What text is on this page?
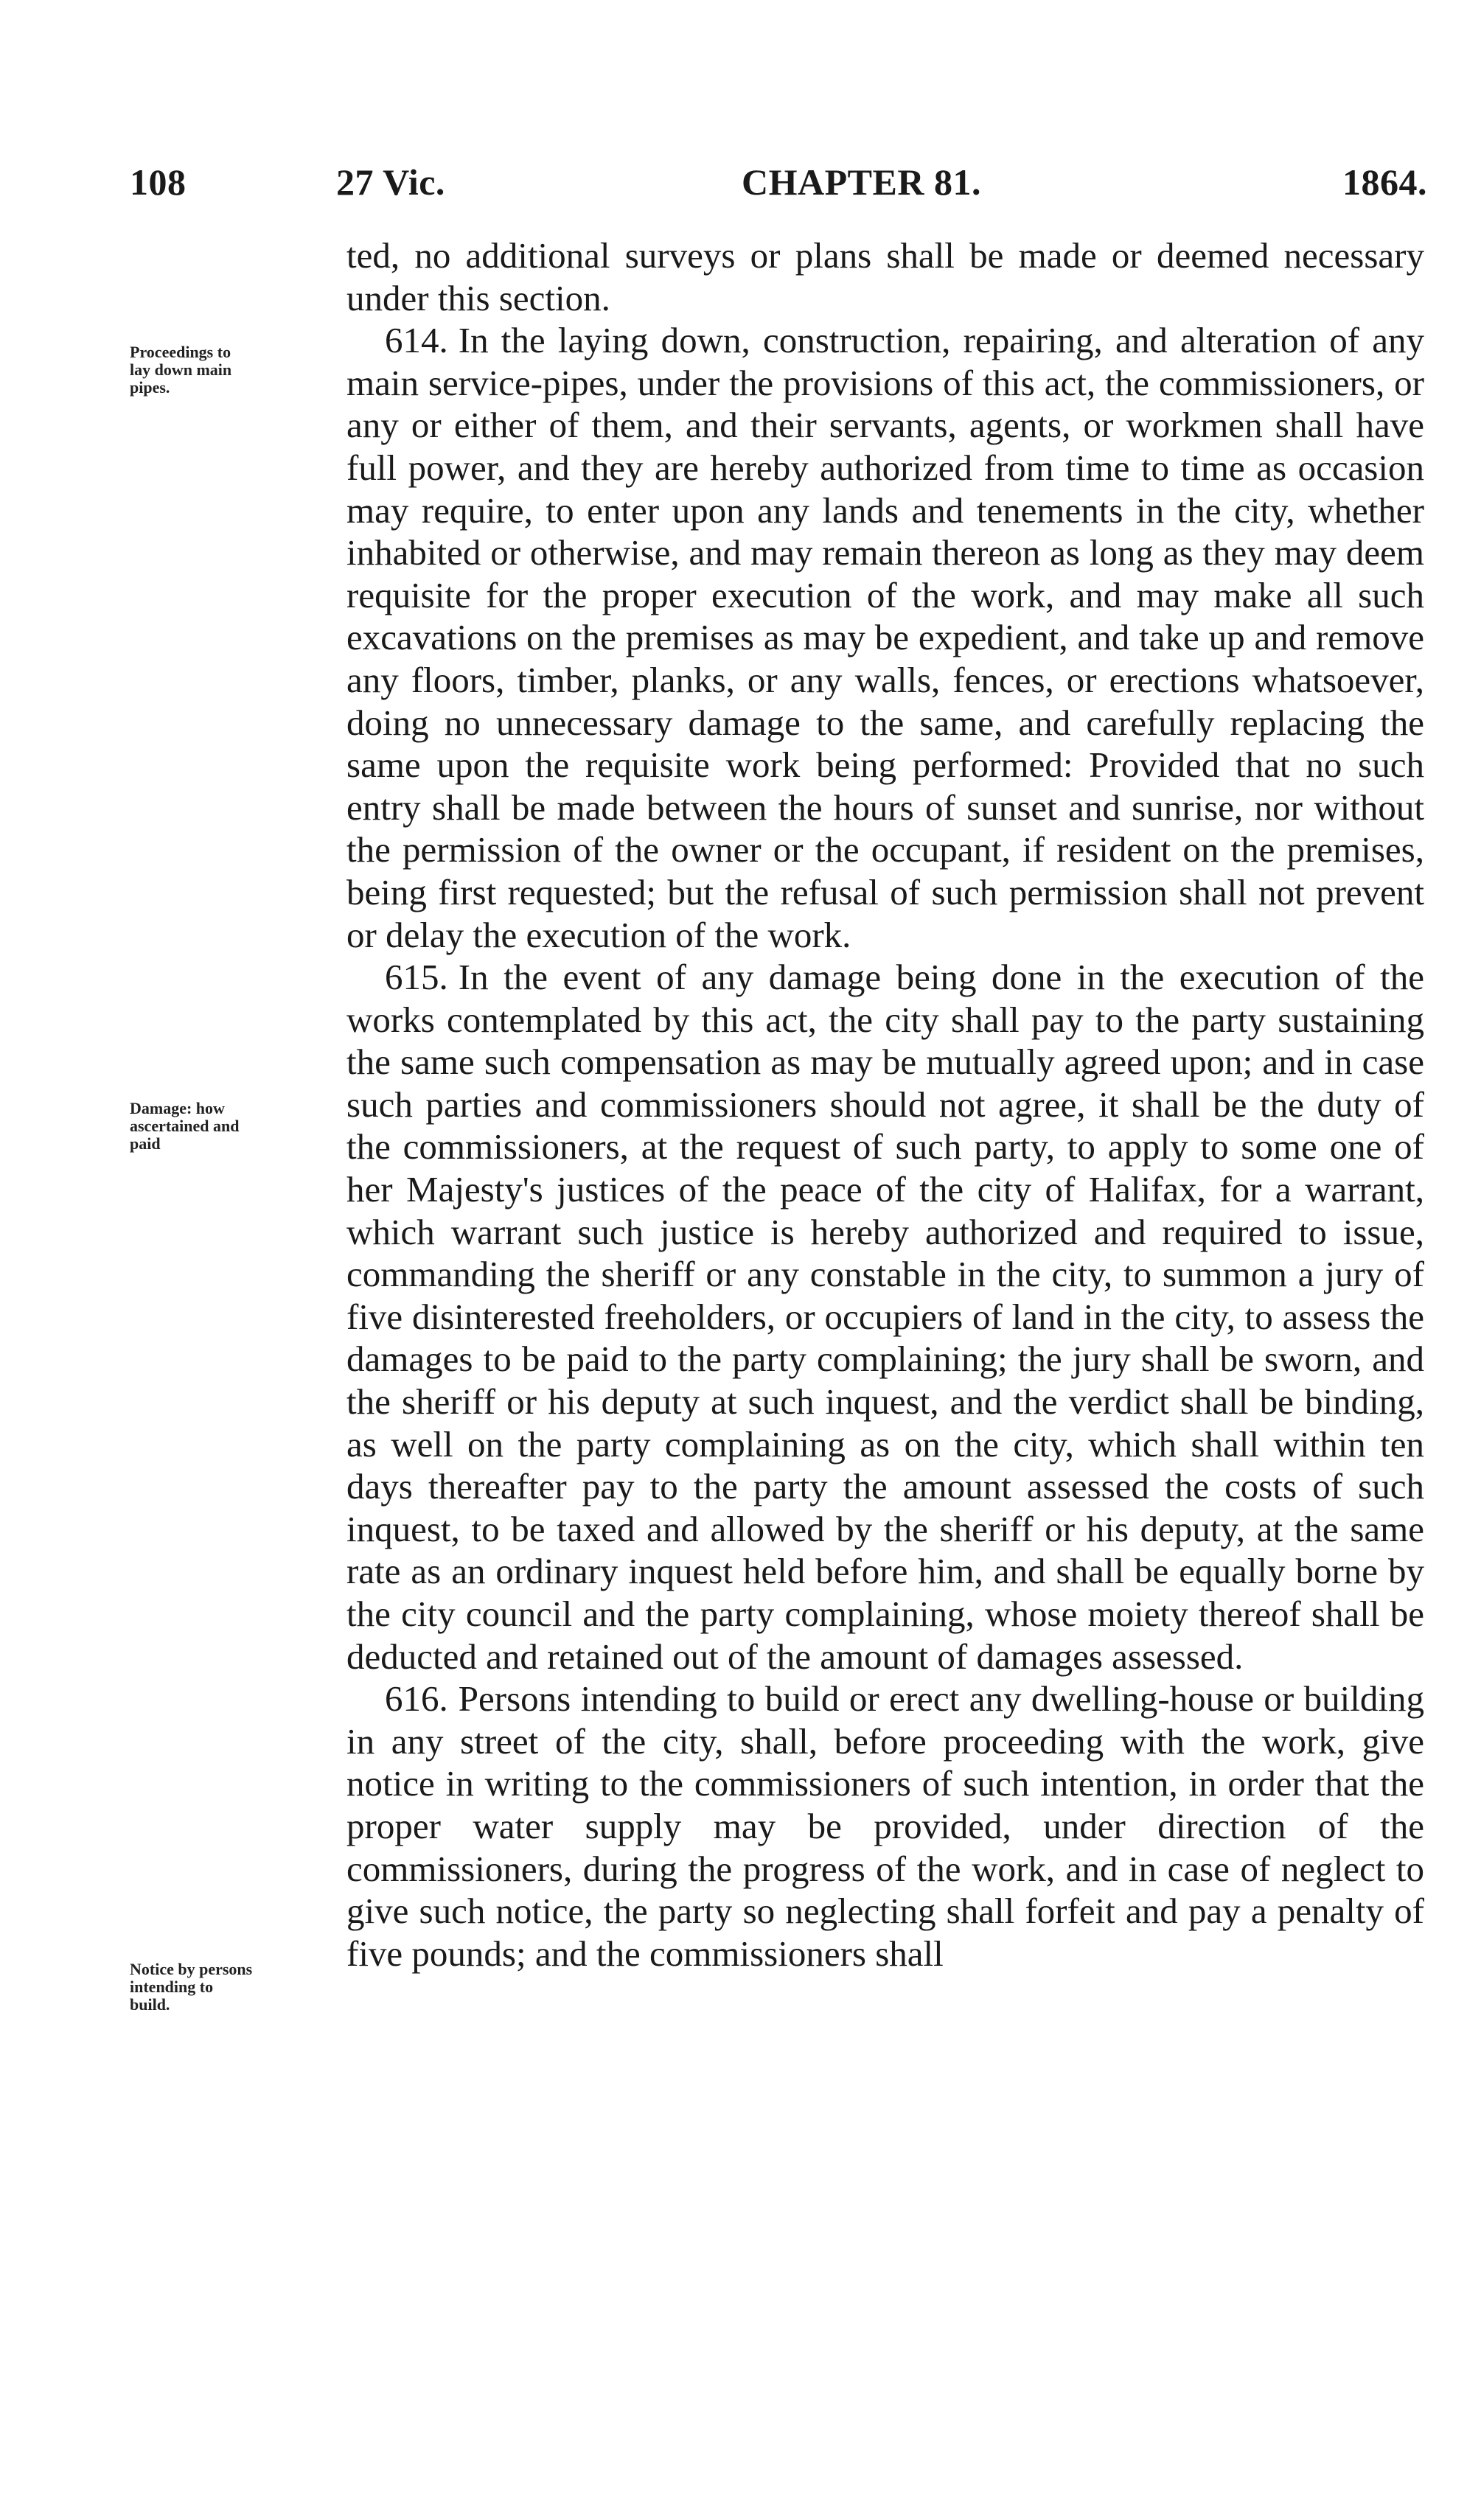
108	27 Vic.	CHAPTER 81.	1864.
Proceedings to
lay down main
pipes.
Damage: how
ascertained and
paid
Notice by persons
intending to
build.

ted, no additional surveys or plans shall be made or deemed necessary under this section.

614. In the laying down, construction, repairing, and alteration of any main service-pipes, under the provisions of this act, the commissioners, or any or either of them, and their servants, agents, or workmen shall have full power, and they are hereby authorized from time to time as occasion may require, to enter upon any lands and tenements in the city, whether inhabited or otherwise, and may remain thereon as long as they may deem requisite for the proper execution of the work, and may make all such excavations on the premises as may be expedient, and take up and remove any floors, timber, planks, or any walls, fences, or erections whatsoever, doing no unnecessary damage to the same, and carefully replacing the same upon the requisite work being performed: Provided that no such entry shall be made between the hours of sunset and sunrise, nor without the permission of the owner or the occupant, if resident on the premises, being first requested; but the refusal of such permission shall not prevent or delay the execution of the work.

615. In the event of any damage being done in the execution of the works contemplated by this act, the city shall pay to the party sustaining the same such compensation as may be mutually agreed upon; and in case such parties and commissioners should not agree, it shall be the duty of the commissioners, at the request of such party, to apply to some one of her Majesty's justices of the peace of the city of Halifax, for a warrant, which warrant such justice is hereby authorized and required to issue, commanding the sheriff or any constable in the city, to summon a jury of five disinterested freeholders, or occupiers of land in the city, to assess the damages to be paid to the party complaining; the jury shall be sworn, and the sheriff or his deputy at such inquest, and the verdict shall be binding, as well on the party complaining as on the city, which shall within ten days thereafter pay to the party the amount assessed the costs of such inquest, to be taxed and allowed by the sheriff or his deputy, at the same rate as an ordinary inquest held before him, and shall be equally borne by the city council and the party complaining, whose moiety thereof shall be deducted and retained out of the amount of damages assessed.

616. Persons intending to build or erect any dwelling-house or building in any street of the city, shall, before proceeding with the work, give notice in writing to the commissioners of such intention, in order that the proper water supply may be provided, under direction of the commissioners, during the progress of the work, and in case of neglect to give such notice, the party so neglecting shall forfeit and pay a penalty of five pounds; and the commissioners shall
